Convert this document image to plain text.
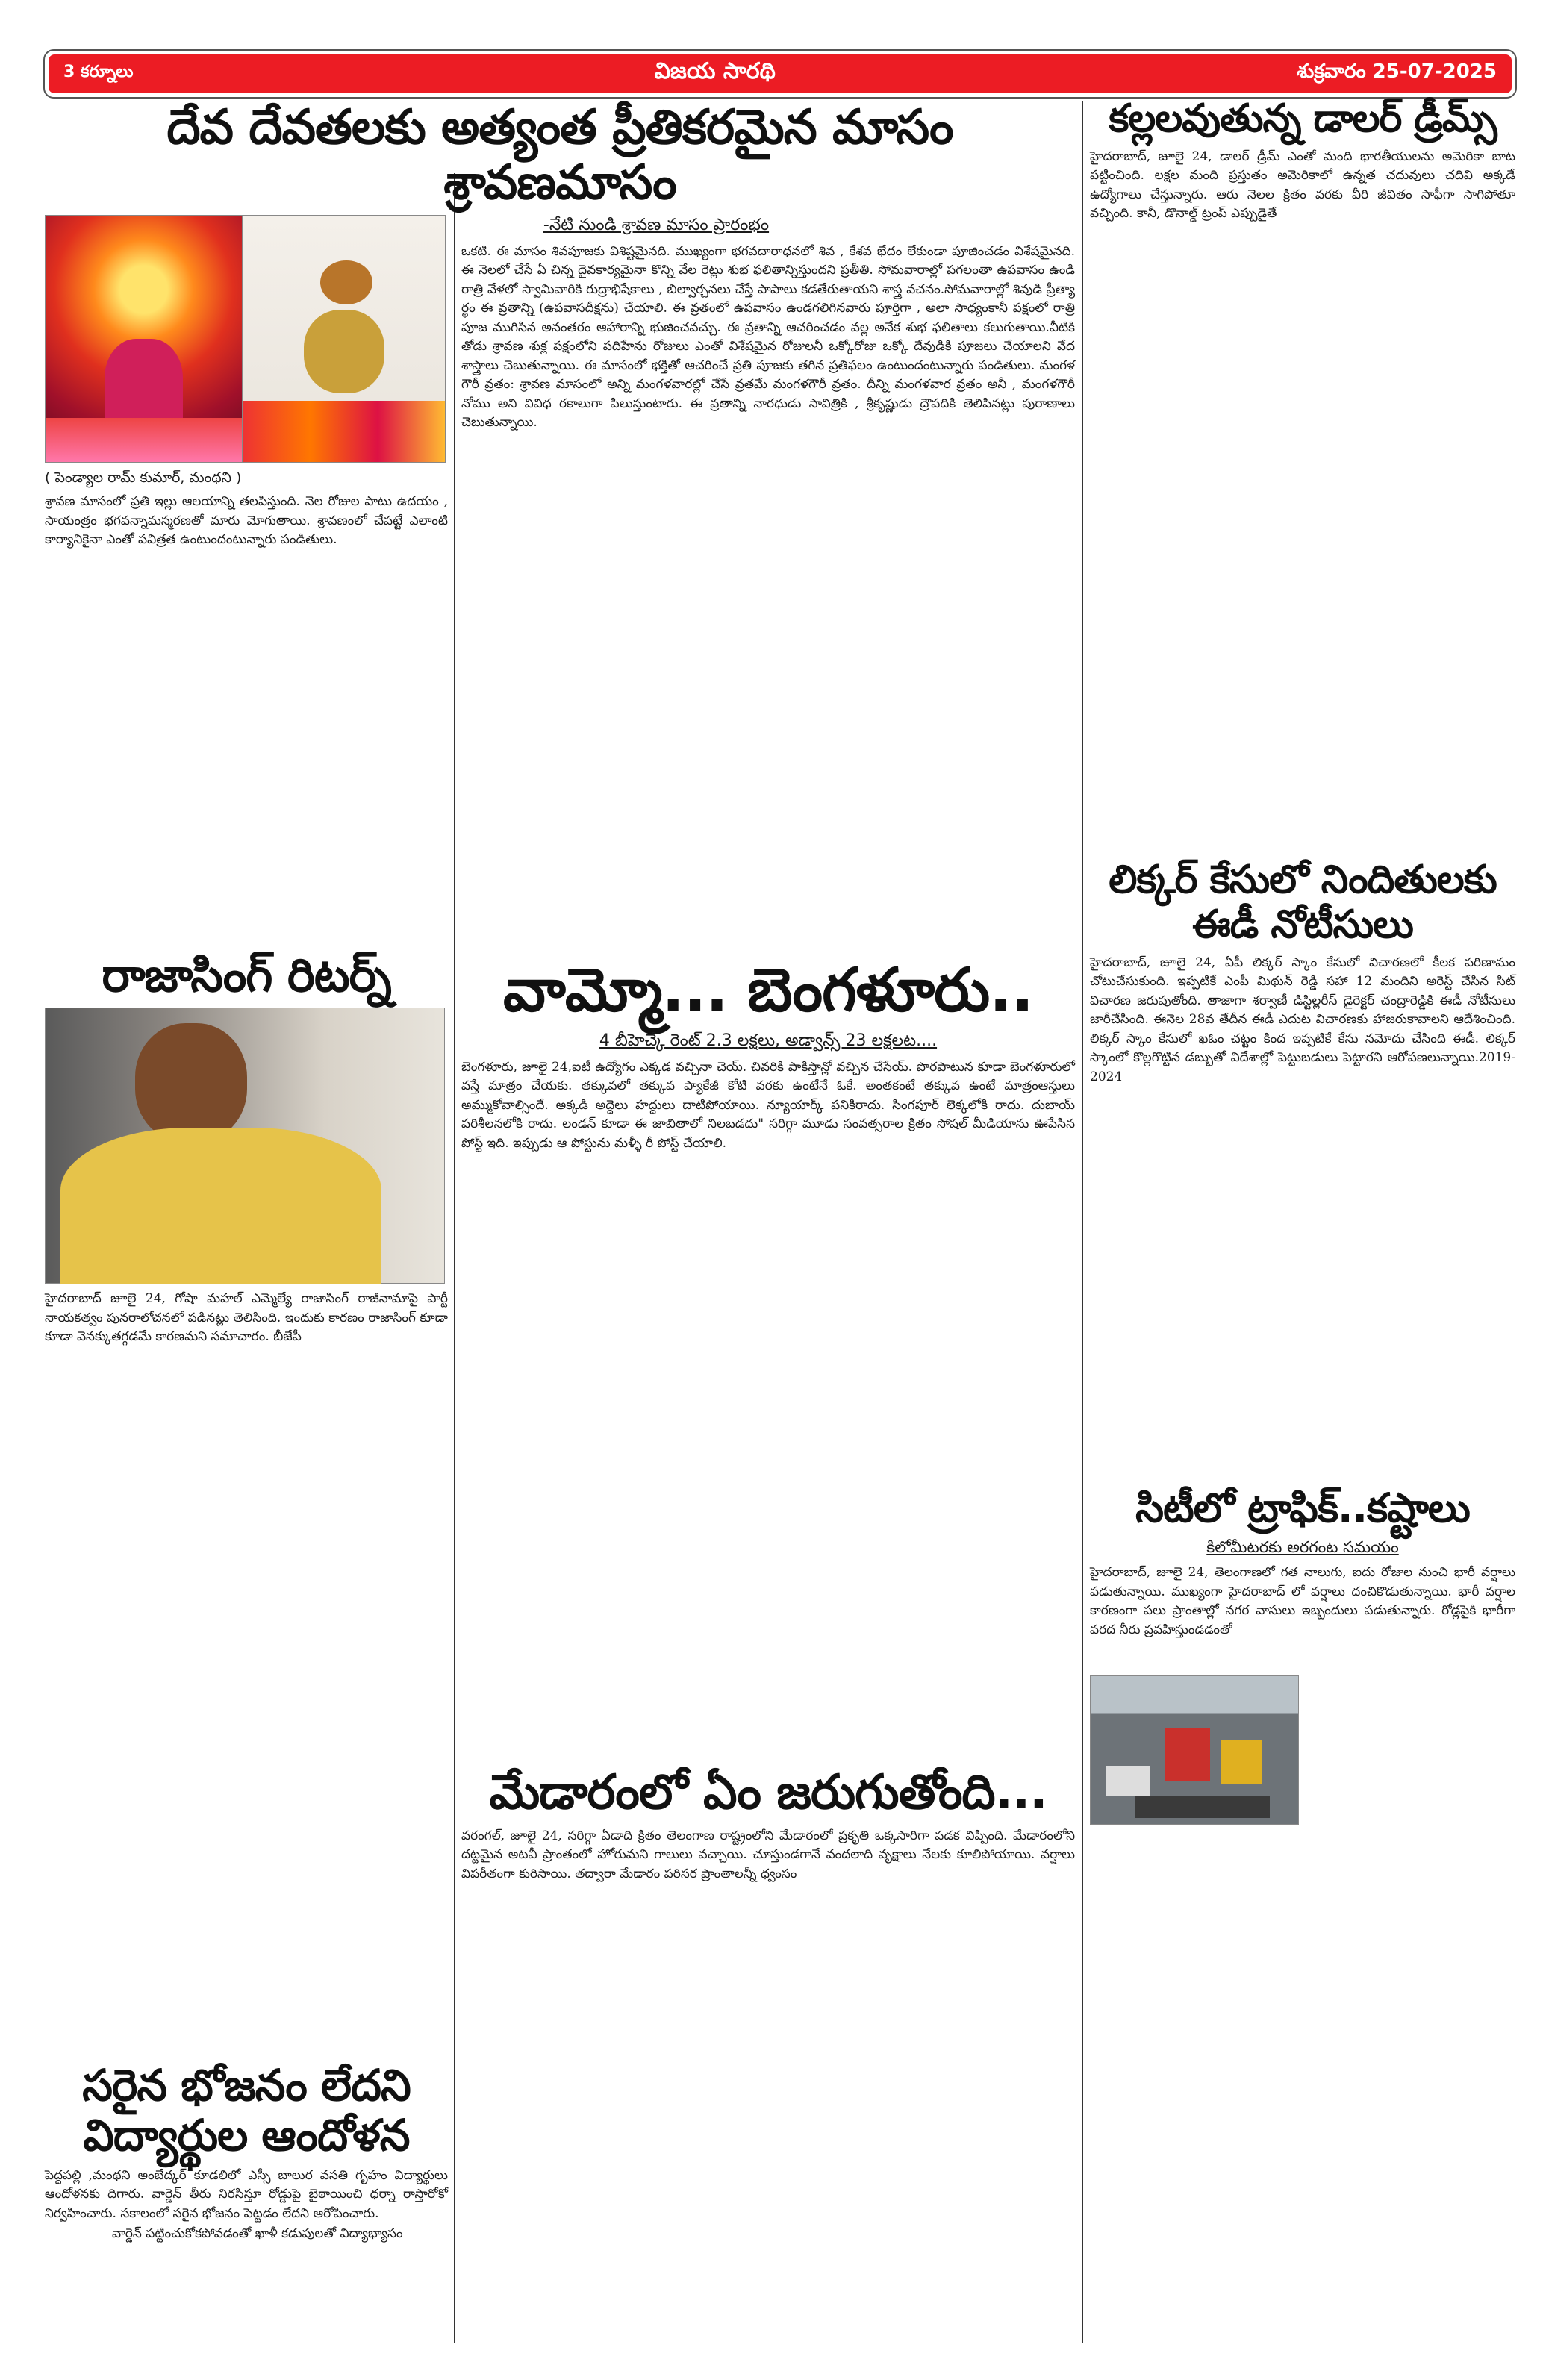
3 కర్నూలు	విజయ సారథి	శుక్రవారం 25-07-2025
దేవ దేవతలకు అత్యంత ప్రీతికరమైన మాసం శ్రావణమాసం
( పెండ్యాల రామ్ కుమార్, మంథని )
శ్రావణ మాసంలో ప్రతి ఇల్లు ఆలయాన్ని తలపిస్తుంది. నెల రోజుల పాటు ఉదయం , సాయంత్రం భగవన్నామస్మరణతో మారు మోగుతాయి. శ్రావణంలో చేపట్టే ఎలాంటి కార్యానికైనా ఎంతో పవిత్రత ఉంటుందంటున్నారు పండితులు.
రాజాసింగ్ రిటర్న్
హైదరాబాద్ జూలై 24, గోషా మహల్ ఎమ్మెల్యే రాజాసింగ్ రాజీనామాపై పార్టీ నాయకత్వం పునరాలోచనలో పడినట్లు తెలిసింది. ఇందుకు కారణం రాజాసింగ్ కూడా కూడా వెనక్కుతగ్గడమే కారణమని సమాచారం. బీజేపీ
సరైన భోజనం లేదని విద్యార్థుల ఆందోళన

పెద్దపల్లి ,మంథని అంబేద్కర్ కూడలిలో ఎస్సీ బాలుర వసతి గృహం విద్యార్థులు ఆందోళనకు దిగారు. వార్డెన్ తీరు నిరసిస్తూ రోడ్డుపై బైఠాయించి ధర్నా రాస్తారోకో నిర్వహించారు. సకాలంలో సరైన భోజనం పెట్టడం లేదని ఆరోపించారు.

వార్డెన్ పట్టించుకోకపోవడంతో ఖాళీ కడుపులతో విద్యాభ్యాసం

-నేటి నుండి శ్రావణ మాసం ప్రారంభం
ఒకటి. ఈ మాసం శివపూజకు విశిష్టమైనది. ముఖ్యంగా భగవదారాధనలో శివ , కేశవ భేదం లేకుండా పూజించడం విశేషమైనది. ఈ నెలలో చేసే ఏ చిన్న దైవకార్యమైనా కొన్ని వేల రెట్లు శుభ ఫలితాన్నిస్తుందని ప్రతీతి. సోమవారాల్లో పగలంతా ఉపవాసం ఉండి రాత్రి వేళలో స్వామివారికి రుద్రాభిషేకాలు , బిల్వార్చనలు చేస్తే పాపాలు కడతేరుతాయని శాస్త్ర వచనం.సోమవారాల్లో శివుడి ప్రీత్యా ర్థం ఈ వ్రతాన్ని (ఉపవాసదీక్షను) చేయాలి. ఈ వ్రతంలో ఉపవాసం ఉండగలిగినవారు పూర్తిగా , అలా సాధ్యంకానీ పక్షంలో రాత్రి పూజ ముగిసిన అనంతరం ఆహారాన్ని భుజించవచ్చు. ఈ వ్రతాన్ని ఆచరించడం వల్ల అనేక శుభ ఫలితాలు కలుగుతాయి.వీటికి తోడు శ్రావణ శుక్ల పక్షంలోని పదిహేను రోజులు ఎంతో విశేషమైన రోజులనీ ఒక్కోరోజు ఒక్కో దేవుడికి పూజలు చేయాలని వేద శాస్త్రాలు చెబుతున్నాయి. ఈ మాసంలో భక్తితో ఆచరించే ప్రతి పూజకు తగిన ప్రతిఫలం ఉంటుందంటున్నారు పండితులు. మంగళ గౌరీ వ్రతం: శ్రావణ మాసంలో అన్ని మంగళవారల్లో చేసే వ్రతమే మంగళగౌరీ వ్రతం. దీన్ని మంగళవార వ్రతం అనీ , మంగళగౌరీ నోము అని వివిధ రకాలుగా పిలుస్తుంటారు. ఈ వ్రతాన్ని నారధుడు సావిత్రికి , శ్రీకృష్ణుడు ద్రౌపదికి తెలిపినట్లు పురాణాలు చెబుతున్నాయి.
వామ్మో... బెంగళూరు..
4 బీహెచ్కే రెంట్ 2.3 లక్షలు, అడ్వాన్స్ 23 లక్షలట....
బెంగళూరు, జూలై 24,ఐటీ ఉద్యోగం ఎక్కడ వచ్చినా చెయ్. చివరికి పాకిస్తాన్లో వచ్చిన చేసేయ్. పొరపాటున కూడా బెంగళూరులో వస్తే మాత్రం చేయకు. తక్కువలో తక్కువ ప్యాకేజీ కోటి వరకు ఉంటేనే ఓకే. అంతకంటే తక్కువ ఉంటే మాత్రంఆస్తులు అమ్ముకోవాల్సిందే. అక్కడి అద్దెలు హద్దులు దాటిపోయాయి. న్యూయార్క్ పనికిరాదు. సింగపూర్ లెక్కలోకి రాదు. దుబాయ్ పరిశీలనలోకి రాదు. లండన్ కూడా ఈ జాబితాలో నిలబడదు" సరిగ్గా మూడు సంవత్సరాల క్రితం సోషల్ మీడియాను ఊపేసిన పోస్ట్ ఇది. ఇప్పుడు ఆ పోస్టును మళ్ళీ రీ పోస్ట్ చేయాలి.
మేడారంలో ఏం జరుగుతోంది...
వరంగల్, జూలై 24, సరిగ్గా ఏడాది క్రితం తెలంగాణ రాష్ట్రంలోని మేడారంలో ప్రకృతి ఒక్కసారిగా పడక విప్పింది. మేడారంలోని దట్టమైన అటవీ ప్రాంతంలో హోరుమని గాలులు వచ్చాయి. చూస్తుండగానే వందలాది వృక్షాలు నేలకు కూలిపోయాయి. వర్షాలు విపరీతంగా కురిసాయి. తద్వారా మేడారం పరిసర ప్రాంతాలన్నీ ధ్వంసం
కల్లలవుతున్న డాలర్ డ్రీమ్స్
హైదరాబాద్, జూలై 24, డాలర్ డ్రీమ్ ఎంతో మంది భారతీయులను అమెరికా బాట పట్టించింది. లక్షల మంది ప్రస్తుతం అమెరికాలో ఉన్నత చదువులు చదివి అక్కడే ఉద్యోగాలు చేస్తున్నారు. ఆరు నెలల క్రితం వరకు వీరి జీవితం సాఫీగా సాగిపోతూ వచ్చింది. కానీ, డొనాల్డ్ ట్రంప్ ఎప్పుడైతే
లిక్కర్ కేసులో నిందితులకు ఈడీ నోటీసులు
హైదరాబాద్, జూలై 24, ఏపీ లిక్కర్ స్కాం కేసులో విచారణలో కీలక పరిణామం చోటుచేసుకుంది. ఇప్పటికే ఎంపీ మిథున్ రెడ్డి సహా 12 మందిని అరెస్ట్ చేసిన సిట్ విచారణ జరుపుతోంది. తాజాగా శర్వాణీ డిస్టిల్లరీస్ డైరెక్టర్ చంద్రారెడ్డికి ఈడీ నోటీసులు జారీచేసింది. ఈనెల 28వ తేదీన ఈడీ ఎదుట విచారణకు హాజరుకావాలని ఆదేశించింది. లిక్కర్ స్కాం కేసులో ఖఓం చట్టం కింద ఇప్పటికే కేసు నమోదు చేసింది ఈడీ. లిక్కర్ స్కాంలో కొల్లగొట్టిన డబ్బుతో విదేశాల్లో పెట్టుబడులు పెట్టారని ఆరోపణలున్నాయి.2019-2024
సిటీలో ట్రాఫిక్..కష్టాలు
కిలోమీటరకు అరగంట సమయం
హైదరాబాద్, జూలై 24, తెలంగాణలో గత నాలుగు, ఐదు రోజుల నుంచి భారీ వర్షాలు పడుతున్నాయి. ముఖ్యంగా హైదరాబాద్ లో వర్షాలు దంచికొడుతున్నాయి. భారీ వర్షాల కారణంగా పలు ప్రాంతాల్లో నగర వాసులు ఇబ్బందులు పడుతున్నారు. రోడ్లపైకి భారీగా వరద నీరు ప్రవహిస్తుండడంతో
